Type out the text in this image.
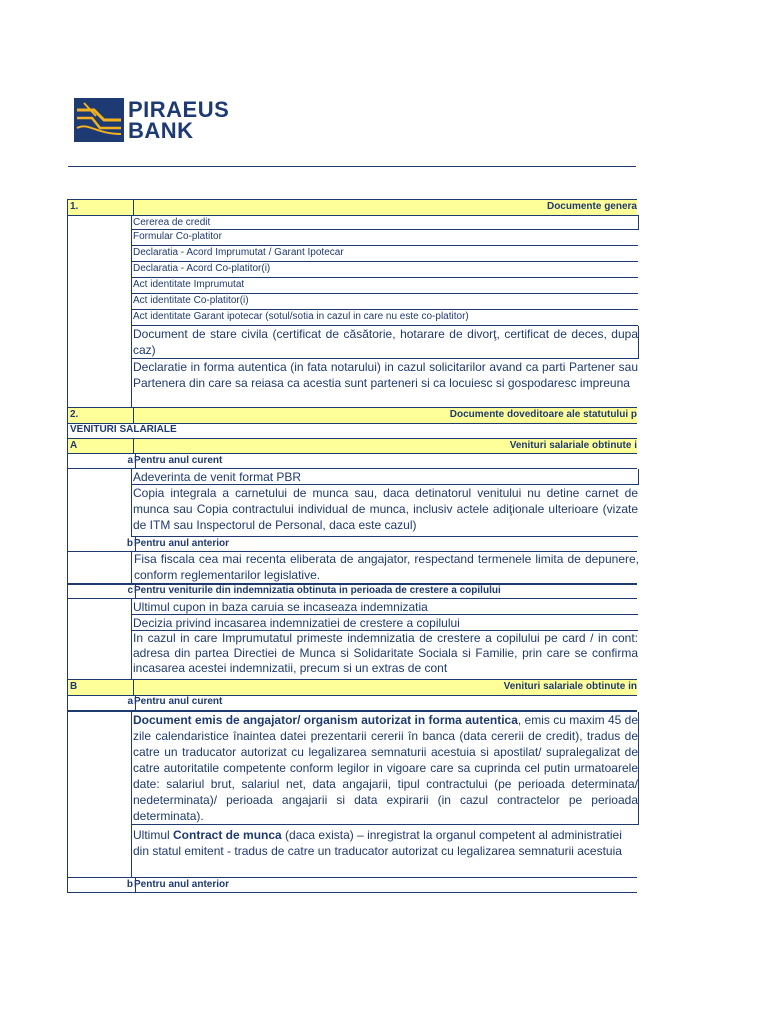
PIRAEUS
BANK
1.	Documente genera
Cererea de credit
Formular Co-platitor
Declaratia - Acord Imprumutat / Garant Ipotecar
Declaratia - Acord Co-platitor(i)
Act identitate Imprumutat
Act identitate Co-platitor(i)
Act identitate Garant ipotecar (sotul/sotia in cazul in care nu este co-platitor)
Document de stare civila (certificat de căsătorie, hotarare de divorţ, certificat de deces, dupa caz)
Declaratie in forma autentica (in fata notarului) in cazul solicitarilor avand ca parti Partener sau Partenera din care sa reiasa ca acestia sunt parteneri si ca locuiesc si gospodaresc impreuna
2.	Documente doveditoare ale statutului p
VENITURI SALARIALE
A	Venituri salariale obtinute i
a Pentru anul curent
Adeverinta de venit format PBR
Copia integrala a carnetului de munca sau, daca detinatorul venitului nu detine carnet de munca sau Copia contractului individual de munca, inclusiv actele adiţionale ulterioare (vizate de ITM sau Inspectorul de Personal, daca este cazul)
b Pentru anul anterior
Fisa fiscala cea mai recenta eliberata de angajator, respectand termenele limita de depunere, conform reglementarilor legislative.
c Pentru veniturile din indemnizatia obtinuta in perioada de crestere a copilului
Ultimul cupon in baza caruia se incaseaza indemnizatia
Decizia privind incasarea indemnizatiei de crestere a copilului
In cazul in care Imprumutatul primeste indemnizatia de crestere a copilului pe card / in cont: adresa din partea Directiei de Munca si Solidaritate Sociala si Familie, prin care se confirma incasarea acestei indemnizatii, precum si un extras de cont
B	Venituri salariale obtinute in
a Pentru anul curent
Document emis de angajator/ organism autorizat in forma autentica, emis cu maxim 45 de zile calendaristice înaintea datei prezentarii cererii în banca (data cererii de credit), tradus de catre un traducator autorizat cu legalizarea semnaturii acestuia si apostilat/ supralegalizat de catre autoritatile competente conform legilor in vigoare care sa cuprinda cel putin urmatoarele date: salariul brut, salariul net, data angajarii, tipul contractului (pe perioada determinata/ nedeterminata)/ perioada angajarii si data expirarii (in cazul contractelor pe perioada determinata).
Ultimul Contract de munca (daca exista) – inregistrat la organul competent al administratiei din statul emitent - tradus de catre un traducator autorizat cu legalizarea semnaturii acestuia
b Pentru anul anterior
